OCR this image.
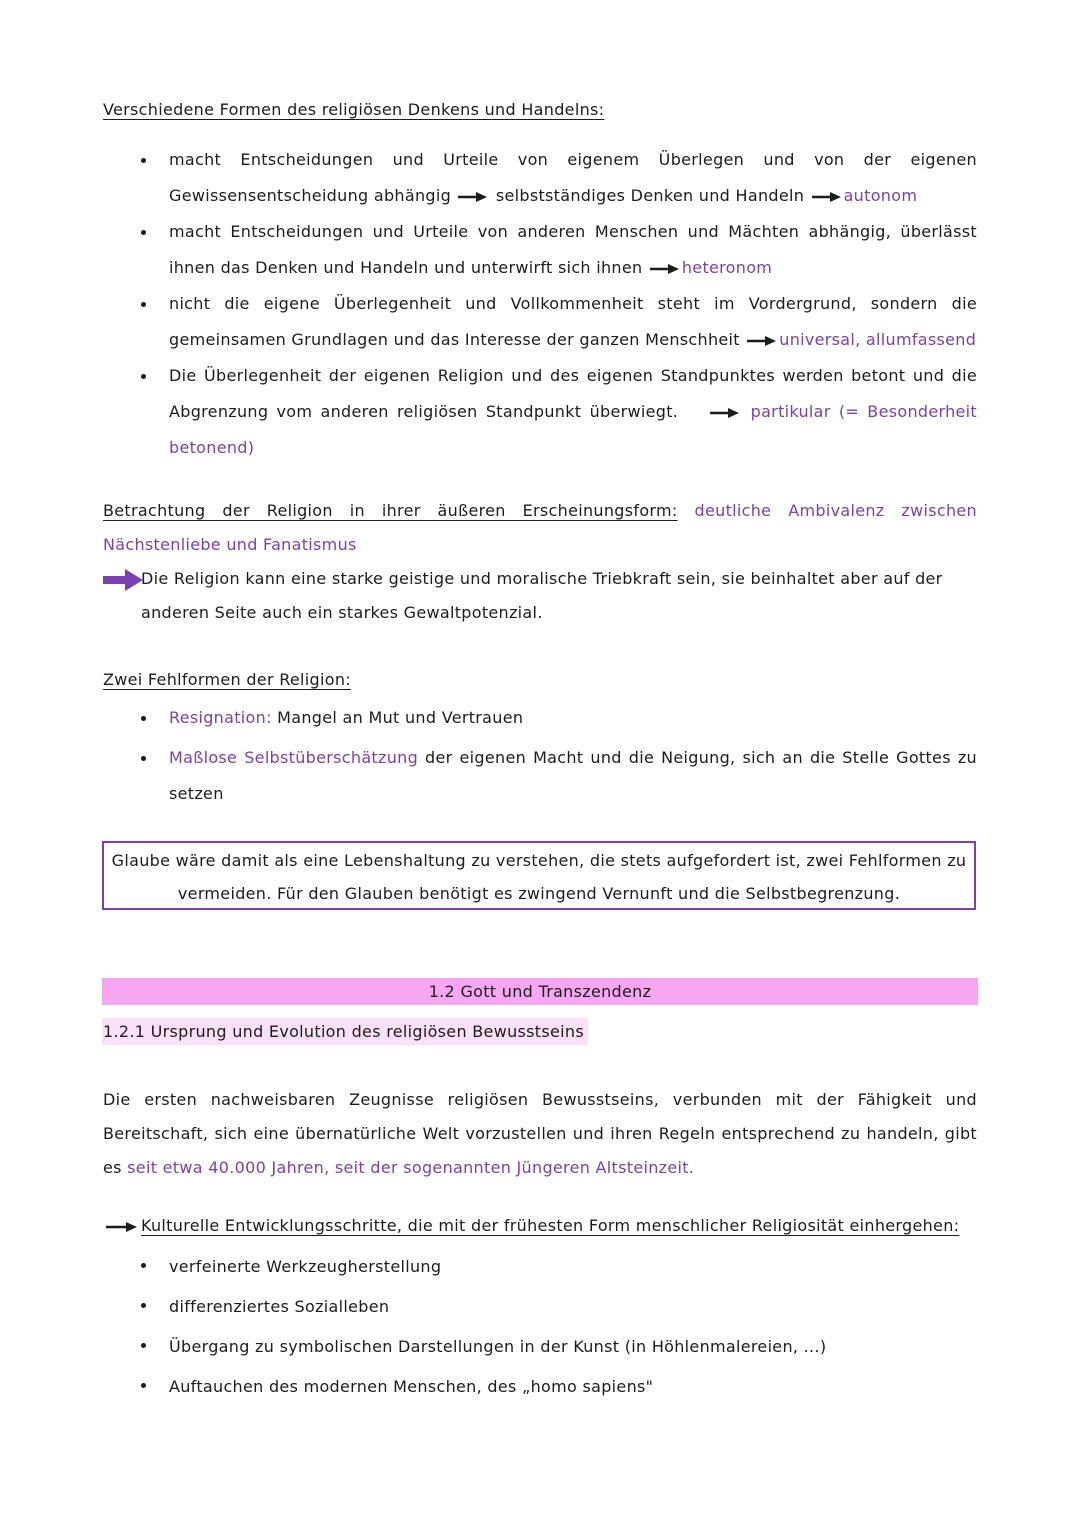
Verschiedene Formen des religiösen Denkens und Handelns:
macht Entscheidungen und Urteile von eigenem Überlegen und von der eigenen Gewissensentscheidung abhängig	selbstständiges Denken und Handeln autonom
macht Entscheidungen und Urteile von anderen Menschen und Mächten abhängig, überlässt ihnen das Denken und Handeln und unterwirft sich ihnen heteronom
nicht die eigene Überlegenheit und Vollkommenheit steht im Vordergrund, sondern die gemeinsamen Grundlagen und das Interesse der ganzen Menschheit universal, allumfassend
Die Überlegenheit der eigenen Religion und des eigenen Standpunktes werden betont und die Abgrenzung vom anderen religiösen Standpunkt überwiegt.	partikular (= Besonderheit betonend)
Betrachtung der Religion in ihrer äußeren Erscheinungsform: deutliche Ambivalenz zwischen Nächstenliebe und Fanatismus
Die Religion kann eine starke geistige und moralische Triebkraft sein, sie beinhaltet aber auf der anderen Seite auch ein starkes Gewaltpotenzial.
Zwei Fehlformen der Religion:
Resignation: Mangel an Mut und Vertrauen
Maßlose Selbstüberschätzung der eigenen Macht und die Neigung, sich an die Stelle Gottes zu setzen
Glaube wäre damit als eine Lebenshaltung zu verstehen, die stets aufgefordert ist, zwei Fehlformen zu
vermeiden. Für den Glauben benötigt es zwingend Vernunft und die Selbstbegrenzung.
1.2 Gott und Transzendenz
1.2.1 Ursprung und Evolution des religiösen Bewusstseins
Die ersten nachweisbaren Zeugnisse religiösen Bewusstseins, verbunden mit der Fähigkeit und Bereitschaft, sich eine übernatürliche Welt vorzustellen und ihren Regeln entsprechend zu handeln, gibt es seit etwa 40.000 Jahren, seit der sogenannten Jüngeren Altsteinzeit.
Kulturelle Entwicklungsschritte, die mit der frühesten Form menschlicher Religiosität einhergehen:
verfeinerte Werkzeugherstellung
differenziertes Sozialleben
Übergang zu symbolischen Darstellungen in der Kunst (in Höhlenmalereien, ...)
Auftauchen des modernen Menschen, des „homo sapiens"
